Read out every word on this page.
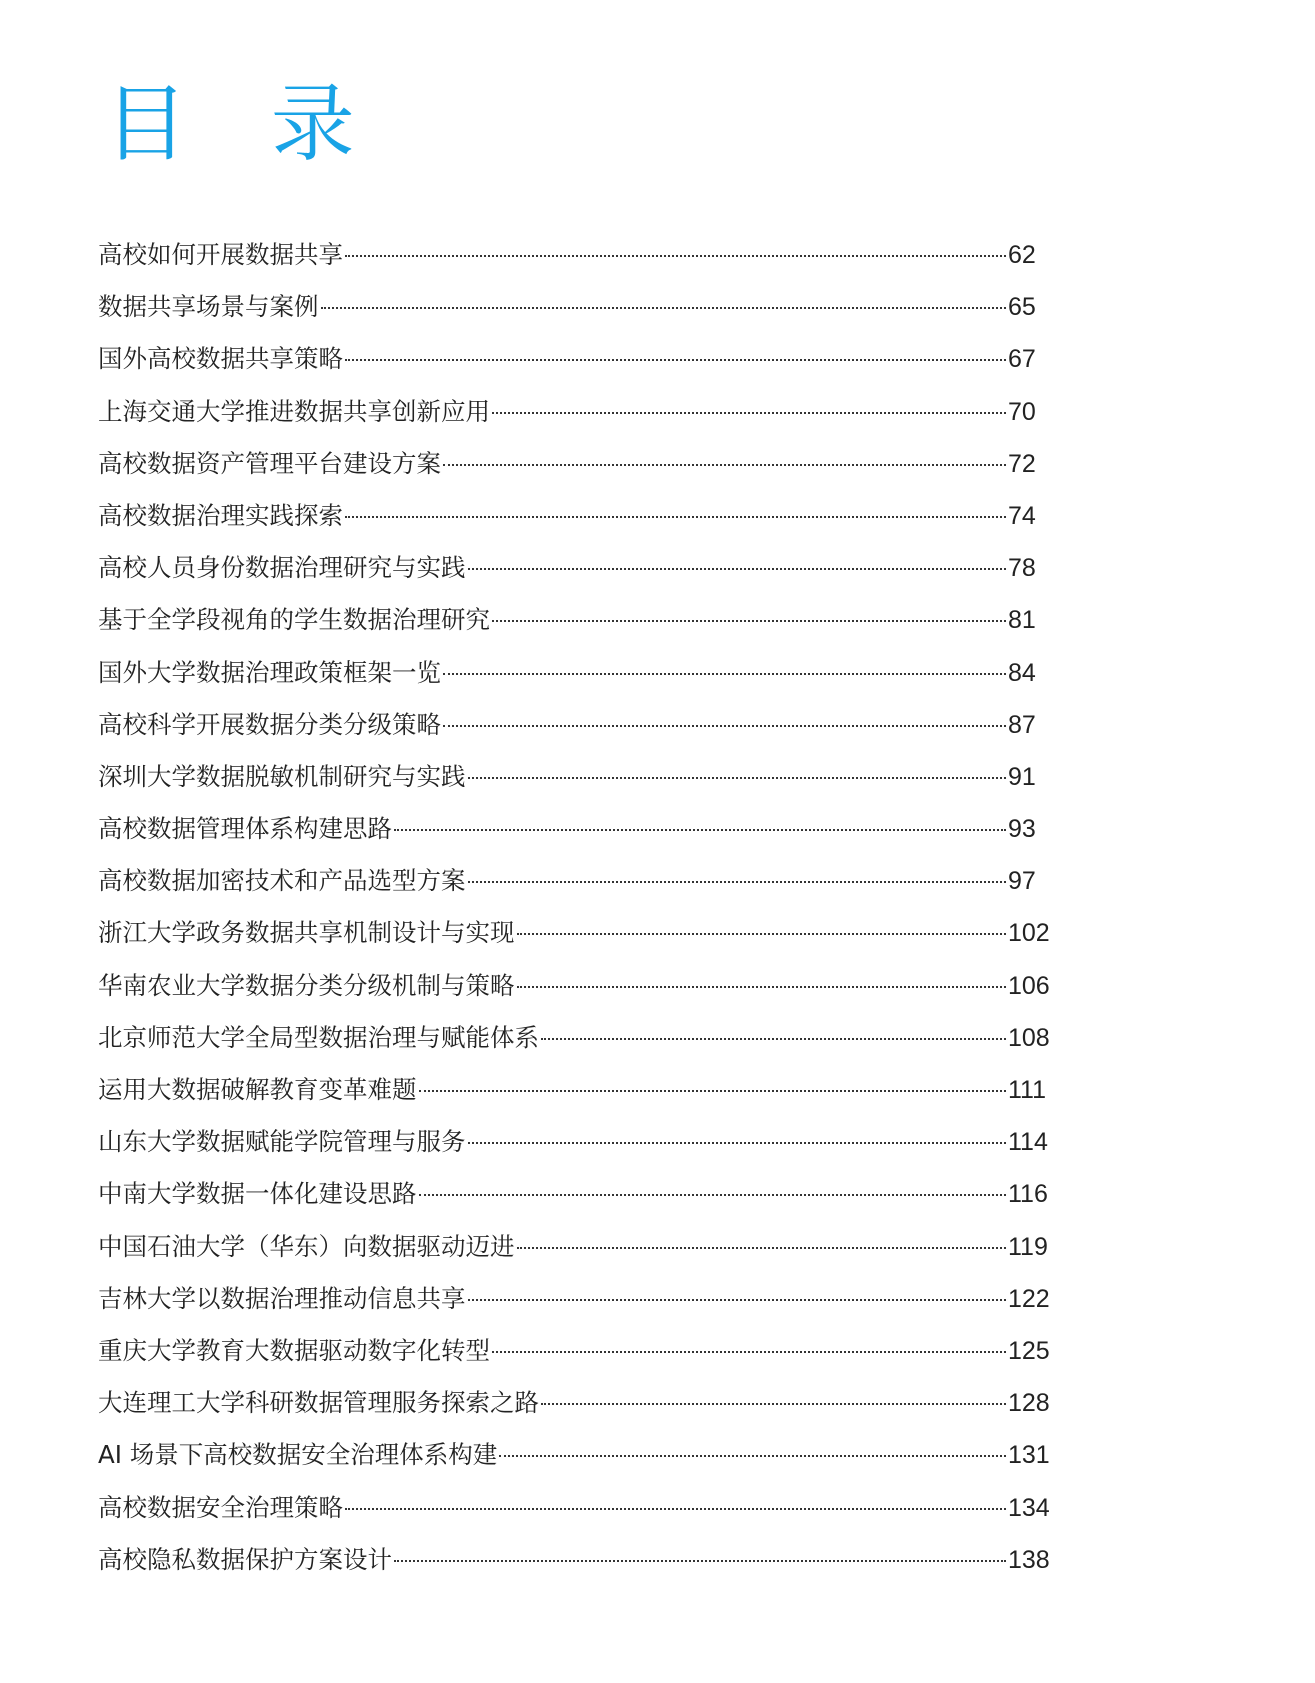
目 录
高校如何开展数据共享	62
数据共享场景与案例	65
国外高校数据共享策略	67
上海交通大学推进数据共享创新应用	70
高校数据资产管理平台建设方案	72
高校数据治理实践探索	74
高校人员身份数据治理研究与实践	78
基于全学段视角的学生数据治理研究	81
国外大学数据治理政策框架一览	84
高校科学开展数据分类分级策略	87
深圳大学数据脱敏机制研究与实践	91
高校数据管理体系构建思路	93
高校数据加密技术和产品选型方案	97
浙江大学政务数据共享机制设计与实现	102
华南农业大学数据分类分级机制与策略	106
北京师范大学全局型数据治理与赋能体系	108
运用大数据破解教育变革难题	111
山东大学数据赋能学院管理与服务	114
中南大学数据一体化建设思路	116
中国石油大学（华东）向数据驱动迈进	119
吉林大学以数据治理推动信息共享	122
重庆大学教育大数据驱动数字化转型	125
大连理工大学科研数据管理服务探索之路	128
AI 场景下高校数据安全治理体系构建	131
高校数据安全治理策略	134
高校隐私数据保护方案设计	138
